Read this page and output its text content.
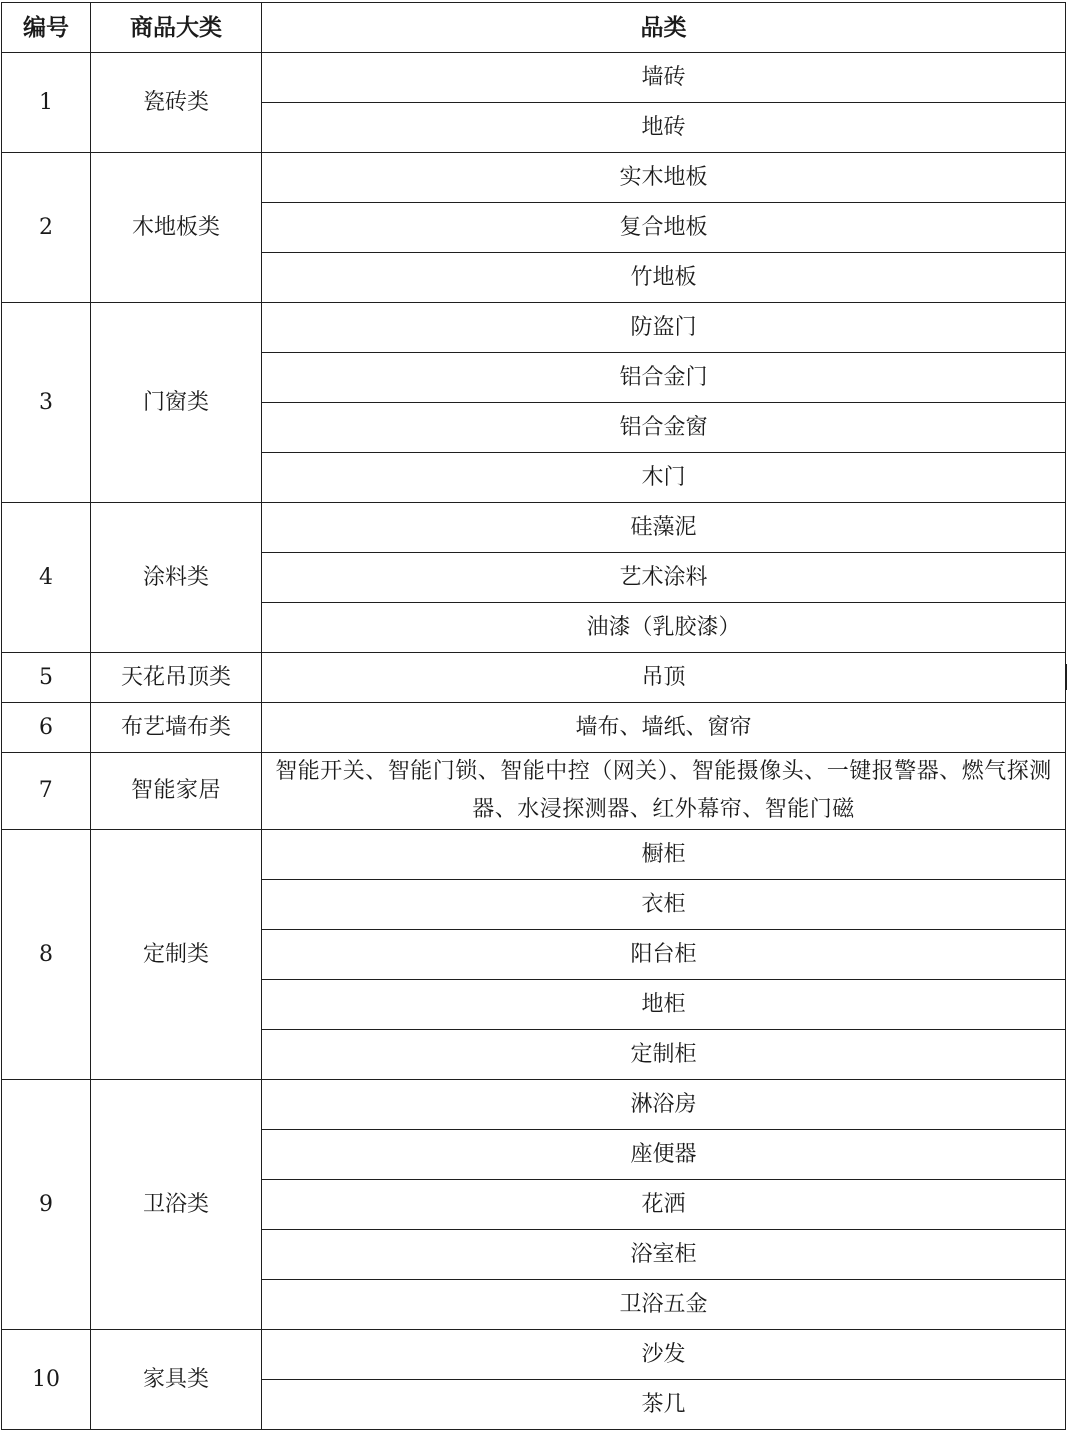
编号	商品大类	品类
1	瓷砖类	墙砖
		地砖
2	木地板类	实木地板
		复合地板
		竹地板
3	门窗类	防盗门
		铝合金门
		铝合金窗
		木门
4	涂料类	硅藻泥
		艺术涂料
		油漆（乳胶漆）
5	天花吊顶类	吊顶
6	布艺墙布类	墙布、墙纸、窗帘
7	智能家居	智能开关、智能门锁、智能中控（网关）、智能摄像头、一键报警器、燃气探测器、水浸探测器、红外幕帘、智能门磁
8	定制类	橱柜
		衣柜
		阳台柜
		地柜
		定制柜
9	卫浴类	淋浴房
		座便器
		花洒
		浴室柜
		卫浴五金
10	家具类	沙发
		茶几
